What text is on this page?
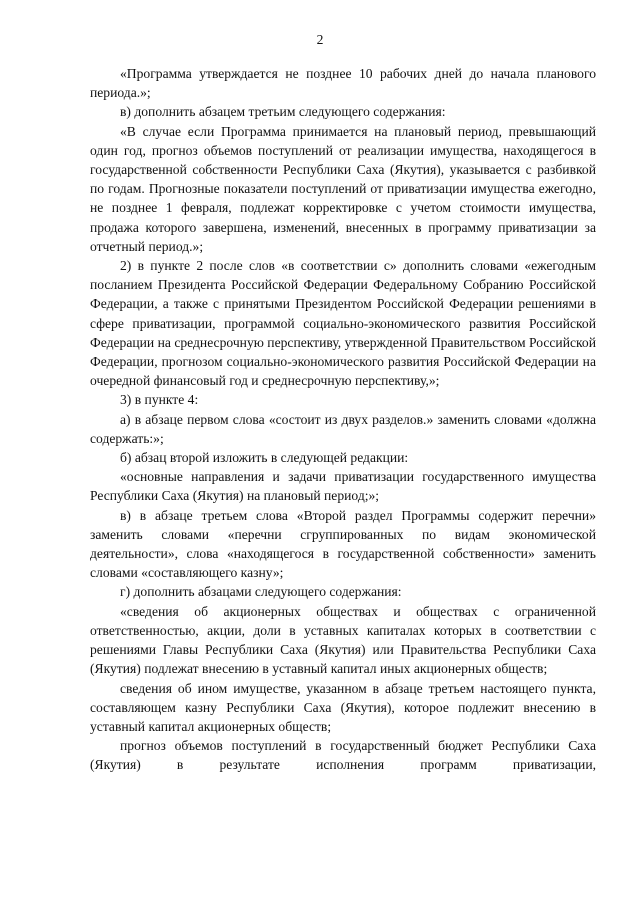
2

«Программа утверждается не позднее 10 рабочих дней до начала планового периода.»;

в) дополнить абзацем третьим следующего содержания:

«В случае если Программа принимается на плановый период, превышающий один год, прогноз объемов поступлений от реализации имущества, находящегося в государственной собственности Республики Саха (Якутия), указывается с разбивкой по годам. Прогнозные показатели поступлений от приватизации имущества ежегодно, не позднее 1 февраля, подлежат корректировке с учетом стоимости имущества, продажа которого завершена, изменений, внесенных в программу приватизации за отчетный период.»;

2) в пункте 2 после слов «в соответствии с» дополнить словами «ежегодным посланием Президента Российской Федерации Федеральному Собранию Российской Федерации, а также с принятыми Президентом Российской Федерации решениями в сфере приватизации, программой социально-экономического развития Российской Федерации на среднесрочную перспективу, утвержденной Правительством Российской Федерации, прогнозом социально-экономического развития Российской Федерации на очередной финансовый год и среднесрочную перспективу,»;

3) в пункте 4:

а) в абзаце первом слова «состоит из двух разделов.» заменить словами «должна содержать:»;

б) абзац второй изложить в следующей редакции:

«основные направления и задачи приватизации государственного имущества Республики Саха (Якутия) на плановый период;»;

в) в абзаце третьем слова «Второй раздел Программы содержит перечни» заменить словами «перечни сгруппированных по видам экономической деятельности», слова «находящегося в государственной собственности» заменить словами «составляющего казну»;

г) дополнить абзацами следующего содержания:

«сведения об акционерных обществах и обществах с ограниченной ответственностью, акции, доли в уставных капиталах которых в соответствии с решениями Главы Республики Саха (Якутия) или Правительства Республики Саха (Якутия) подлежат внесению в уставный капитал иных акционерных обществ;

сведения об ином имуществе, указанном в абзаце третьем настоящего пункта, составляющем казну Республики Саха (Якутия), которое подлежит внесению в уставный капитал акционерных обществ;

прогноз объемов поступлений в государственный бюджет Республики Саха (Якутия) в результате исполнения программ приватизации,
